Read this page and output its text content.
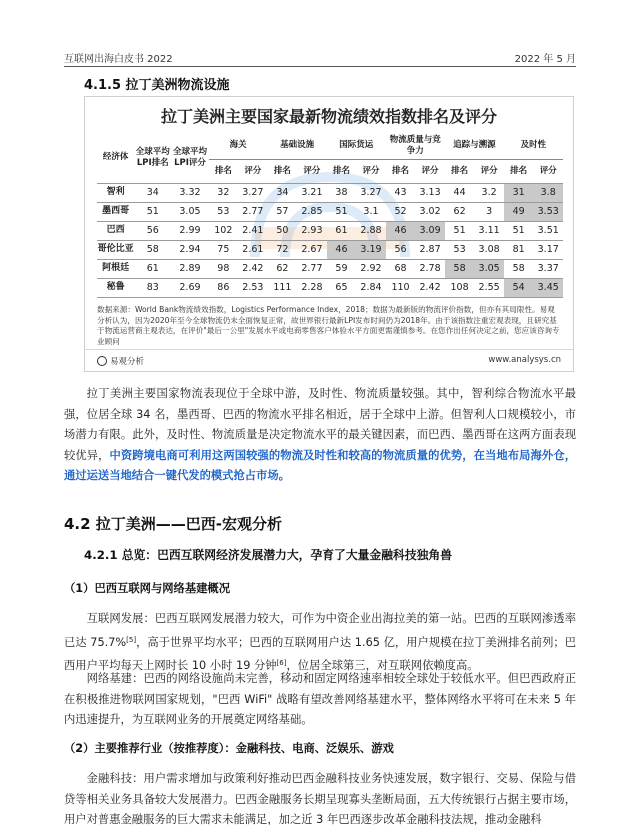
互联网出海白皮书 2022	2022 年 5 月
4.1.5 拉丁美洲物流设施
拉丁美洲主要国家最新物流绩效指数排名及评分
经济体	全球平均LPI排名	全球平均LPI评分	海关		基础设施		国际货运		物流质量与竞争力		追踪与溯源		及时性	
			排名	评分	排名	评分	排名	评分	排名	评分	排名	评分	排名	评分
智利	34	3.32	32	3.27	34	3.21	38	3.27	43	3.13	44	3.2	31	3.8
墨西哥	51	3.05	53	2.77	57	2.85	51	3.1	52	3.02	62	3	49	3.53
巴西	56	2.99	102	2.41	50	2.93	61	2.88	46	3.09	51	3.11	51	3.51
哥伦比亚	58	2.94	75	2.61	72	2.67	46	3.19	56	2.87	53	3.08	81	3.17
阿根廷	61	2.89	98	2.42	62	2.77	59	2.92	68	2.78	58	3.05	58	3.37
秘鲁	83	2.69	86	2.53	111	2.28	65	2.84	110	2.42	108	2.55	54	3.45
数据来源：World Bank物流绩效指数，Logistics Performance Index，2018；数据为最新版的物流评价指数，但亦有其局限性。易观分析认为，因为2020年至今全球物流仍未全面恢复正常，故世界银行最新LPI发布时间仍为2018年。由于该指数注重宏观表现，且研究基于物流运营商主观表达，在评价"最后一公里"发展水平或电商零售客户体验水平方面更需谨慎参考。在您作出任何决定之前，您应该咨询专业顾问
易观分析	www.analysys.cn
拉丁美洲主要国家物流表现位于全球中游，及时性、物流质量较强。其中，智利综合物流水平最强，位居全球 34 名，墨西哥、巴西的物流水平排名相近，居于全球中上游。但智利人口规模较小，市场潜力有限。此外，及时性、物流质量是决定物流水平的最关键因素，而巴西、墨西哥在这两方面表现较优异，中资跨境电商可利用这两国较强的物流及时性和较高的物流质量的优势，在当地布局海外仓，通过运送当地结合一键代发的模式抢占市场。
4.2 拉丁美洲——巴西-宏观分析
4.2.1 总览：巴西互联网经济发展潜力大，孕育了大量金融科技独角兽
（1）巴西互联网与网络基建概况
互联网发展：巴西互联网发展潜力较大，可作为中资企业出海拉美的第一站。巴西的互联网渗透率已达 75.7%[5]，高于世界平均水平；巴西的互联网用户达 1.65 亿，用户规模在拉丁美洲排名前列；巴西用户平均每天上网时长 10 小时 19 分钟[6]，位居全球第三，对互联网依赖度高。
网络基建：巴西的网络设施尚未完善，移动和固定网络速率相较全球处于较低水平。但巴西政府正在积极推进物联网国家规划，"巴西 WiFi" 战略有望改善网络基建水平，整体网络水平将可在未来 5 年内迅速提升，为互联网业务的开展奠定网络基础。
（2）主要推荐行业（按推荐度）：金融科技、电商、泛娱乐、游戏
金融科技：用户需求增加与政策利好推动巴西金融科技业务快速发展，数字银行、交易、保险与借贷等相关业务具备较大发展潜力。巴西金融服务长期呈现寡头垄断局面，五大传统银行占据主要市场，用户对普惠金融服务的巨大需求未能满足，加之近 3 年巴西逐步改革金融科技法规，推动金融科
